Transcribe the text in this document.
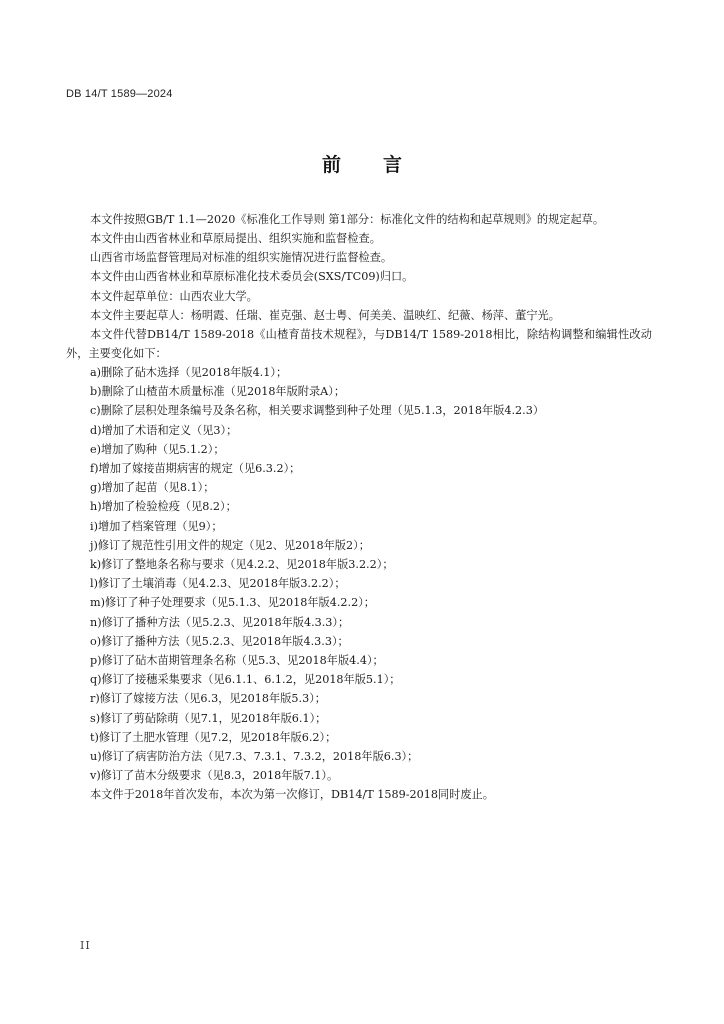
DB 14/T 1589—2024
前言

本文件按照GB/T 1.1—2020《标准化工作导则 第1部分：标准化文件的结构和起草规则》的规定起草。

本文件由山西省林业和草原局提出、组织实施和监督检查。

山西省市场监督管理局对标准的组织实施情况进行监督检查。

本文件由山西省林业和草原标准化技术委员会(SXS/TC09)归口。

本文件起草单位：山西农业大学。

本文件主要起草人：杨明霞、任瑞、崔克强、赵士粤、何美美、温映红、纪薇、杨萍、董宁光。

本文件代替DB14/T 1589-2018《山楂育苗技术规程》，与DB14/T 1589-2018相比，除结构调整和编辑性改动外，主要变化如下：

a)删除了砧木选择（见2018年版4.1）；
b)删除了山楂苗木质量标准（见2018年版附录A）；
c)删除了层积处理条编号及条名称，相关要求调整到种子处理（见5.1.3，2018年版4.2.3）
d)增加了术语和定义（见3）；
e)增加了购种（见5.1.2）；
f)增加了嫁接苗期病害的规定（见6.3.2）；
g)增加了起苗（见8.1）；
h)增加了检验检疫（见8.2）；
i)增加了档案管理（见9）；
j)修订了规范性引用文件的规定（见2、见2018年版2）；
k)修订了整地条名称与要求（见4.2.2、见2018年版3.2.2）；
l)修订了土壤消毒（见4.2.3、见2018年版3.2.2）；
m)修订了种子处理要求（见5.1.3、见2018年版4.2.2）；
n)修订了播种方法（见5.2.3、见2018年版4.3.3）；
o)修订了播种方法（见5.2.3、见2018年版4.3.3）；
p)修订了砧木苗期管理条名称（见5.3、见2018年版4.4）；
q)修订了接穗采集要求（见6.1.1、6.1.2，见2018年版5.1）；
r)修订了嫁接方法（见6.3，见2018年版5.3）；
s)修订了剪砧除萌（见7.1，见2018年版6.1）；
t)修订了土肥水管理（见7.2，见2018年版6.2）；
u)修订了病害防治方法（见7.3、7.3.1、7.3.2，2018年版6.3）；
v)修订了苗木分级要求（见8.3，2018年版7.1）。

本文件于2018年首次发布，本次为第一次修订，DB14/T 1589-2018同时废止。

II
